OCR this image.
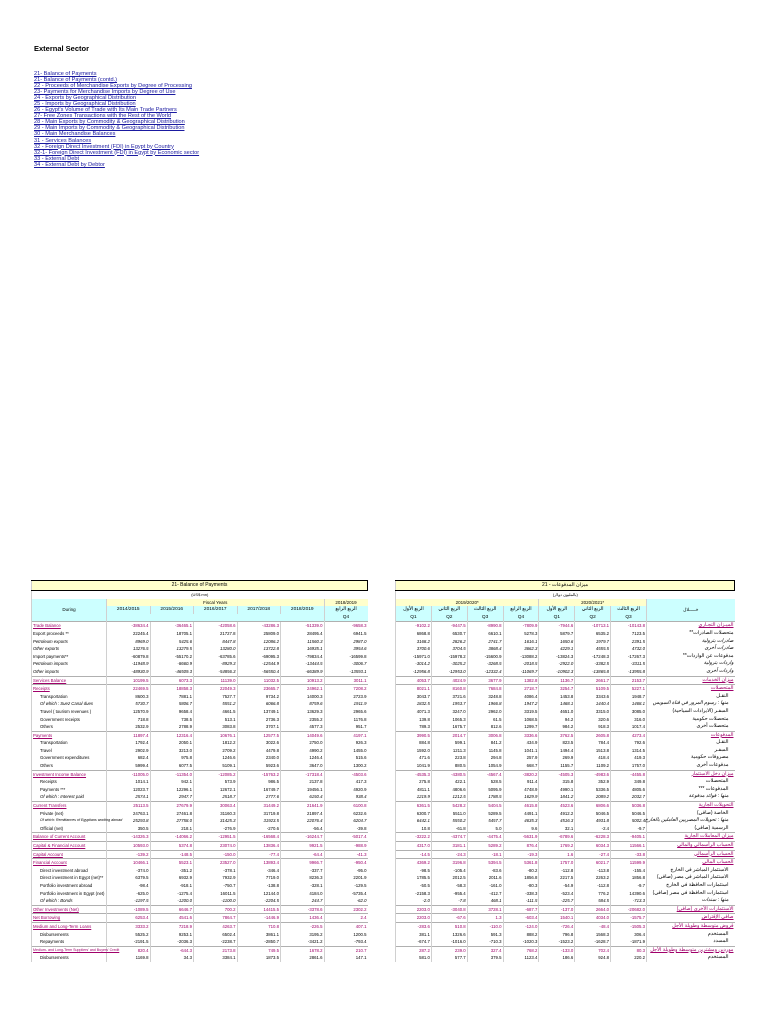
External Sector
21- Balance of Payments
21- Balance of Payments (contd.)
22 - Proceeds of Merchandise Exports by Degree of Processing
23- Payments for Merchandise Imports by Degree of Use
24 - Exports by Geographical Distribution
25 - Imports by Geographical Distribution
26 - Egypt's Volume of Trade with Its Main Trade Partners
27- Free Zones Transactions with the Rest of the World
28 - Main Exports by Commodity & Geographical Distribution
29 - Main Imports by Commodity & Geographical Distribution
30 - Main Merchandise Balances
31 - Services Balances
32 - Foreign Direct Investment (FDI) in Egypt by Country
32-1- Foreign Direct Investment (FDI) in Egypt by Economic sector
33 - External Debt
34 - External Debt by Debtor
21- Balance of Payments						
(US$ mn)						
During	Fiscal Years					2018/2019
	2014/2015	2015/2016	2016/2017	2017/2018	2018/2019	الربع الرابع
						Q4
Trade Balance	-38634.4	-36465.1	-42058.6	-43286.3	-51339.0	-9658.3
Export proceeds **	22245.4	18705.1	21727.8	25809.0	28495.4	6941.5
Petroleum exports	8969.0	5425.6	8447.8	12086.2	11560.3	2987.0
Other exports	13276.5	13279.5	13280.0	13722.8	16935.1	3954.6
Import payments**	-60879.8	-55170.2	-63785.6	-69095.3	-79834.4	-16599.8
Petroleum imports	-11948.9	-8660.9	-8929.3	-12544.9	-13444.5	-3006.7
Other imports	-48930.9	-46509.3	-54856.3	-56550.4	-66389.9	-13593.1
Services Balance	10199.5	6073.3	11139.0	11032.5	10913.2	3011.1
Receipts	22469.5	18858.3	22049.3	23665.7	24962.1	7208.2
Transportation	8600.3	7881.1	7527.7	9734.2	14000.3	2723.9
Of which : Suez Canal dues	5730.7	5806.7	5551.2	6066.8	8759.6	1911.9
Travel ( tourism revenues )	12570.9	9658.4	4661.5	13749.1	13629.3	2965.6
Government receipts	718.8	738.5	513.1	2736.3	2355.2	1176.8
Others	2532.9	2788.9	3083.8	3707.1	4577.3	951.7
Payments	11897.4	12316.4	10676.1	12577.5	14049.6	4197.1
Transportation	1792.4	2050.1	1812.2	3022.6	2750.0	926.3
Travel	2902.9	3213.0	2709.2	4479.8	4990.2	1455.0
Government expenditures	682.4	975.8	1246.6	2340.0	1246.4	515.6
Others	5999.4	6077.5	5109.1	5923.6	3647.0	1300.2
Investment Income Balance	-11005.0	-11354.0	-12085.2	-15763.2	-17318.4	-4503.6
Receipts	1014.1	942.1	573.9	986.5	2137.8	417.3
Payments ***	12023.7	12296.1	12672.1	16749.7	19456.1	4920.9
Of which : Interest paid	2574.1	2947.7	2518.7	2777.6	6150.4	938.4
Current Transfers	25113.5	27679.9	30063.4	31449.2	21641.9	6100.8
Private (net)	24763.1	27461.8	31160.3	31719.8	21897.4	6232.6
Of which: Remittances of Egyptians working abroad	25293.8	27758.0	31425.3	31923.5	22076.4	6204.7
Official (net)	350.5	218.1	-276.9	-270.6	-56.4	-39.8
Balance of Current Account	-14326.3	-14066.2	-12951.5	-16568.4	-16244.7	-5017.4
Capital & Financial Account	10593.0	5374.8	23074.0	13836.4	9921.5	-988.9
Capital Account	-139.2	-148.5	-150.0	-77.4	-64.4	-41.3
Financial Account	10466.1	5523.1	23527.0	13893.4	9966.7	-950.4
Direct investment abroad	-374.0	-351.2	-378.1	-346.4	-337.7	-95.0
Direct investment in Egypt (net)**	6379.5	6932.9	7932.9	7719.0	8236.3	2201.9
Portfolio investment abroad	-98.4	-918.1	-750.7	-138.8	-328.1	-129.5
Portfolio investment in Egypt (net)	-625.0	-1275.4	16011.5	12144.0	4184.0	-5735.4
Of which : Bonds	-1197.5	-1200.0	-1100.0	-2204.5	244.7	-62.0
Other Investments (Net)	-1089.5	6646.7	700.2	14415.5	-3378.6	2302.2
Net Borrowing	6253.4	4541.6	7864.7	-1446.9	1436.4	2.4
Medium and Long-Term Loans	3333.2	7218.9	4263.7	710.8	-226.5	407.1
Disbursements	5525.2	9253.1	6502.4	3861.1	3195.2	1200.5
Repayments	-2191.5	-2036.3	-2238.7	-2850.7	-3421.2	-793.4
Medium- and Long-Term Suppliers' and Buyers' Credit	820.4	-644.3	2173.8	749.5	1678.2	210.7
Disbursements	1169.8	34.3	3384.1	1873.5	2861.6	147.1
21 - ميزان المدفوعات							
(بالمليون دولار)							
2019/2020*				2020/2021*			خـــــلال
الربع الأول	الربع الثاني	الربع الثالث	الربع الرابع	الربع الأول	الربع الثاني	الربع الثالث	
Q1	Q2	Q3	Q4	Q1	Q2	Q3	
-9102.2	-9447.5	-8990.8	-7809.9	-7944.6	-10713.1	-10143.8	الميـزان التجـاري
6868.8	6530.7	6610.1	5278.3	5879.7	6535.2	7123.5	متحصلات الصادرات**
3168.2	2826.2	2741.7	1616.1	1650.6	1979.7	2391.5	صادرات بترولية
3700.6	3704.5	3868.4	3662.3	4229.1	4555.5	4732.0	صادرات أخرى
-15971.0	-15978.2	-15600.9	-13088.2	-13824.3	-17248.3	-17267.3	مدفوعات عن الواردات**
-3014.2	-3025.2	-3268.5	-2018.5	-2922.0	-3382.5	-3311.5	واردات بترولية
-12956.8	-12953.0	-12332.4	-11069.7	-10902.3	-13865.8	-13955.8	واردات أخرى
4053.7	4024.9	3677.9	1382.8	1136.7	2661.7	2153.7	ميزان الخدمات
8021.1	8160.8	7684.8	2718.7	3254.7	5109.5	5227.1	المتحصلات
3043.7	3721.6	3248.8	4086.4	1453.8	3343.6	1948.7	النقـل
1832.5	1953.7	1966.8	1947.2	1468.1	1440.4	1468.1	منها : رسوم المرور في قناة السويس
4071.3	3247.0	2962.0	3319.5	4651.0	3315.0	3085.0	السفـر (الايرادات السياحية)
139.8	1065.3	61.5	1068.5	94.2	320.6	316.0	متحصلات حكومية
789.3	1675.7	812.6	1299.7	984.2	918.3	1017.4	متحصلات أخرى
3990.5	2014.7	3006.8	3336.6	3762.5	2605.8	4273.4	المدفوعات
884.8	599.1	841.2	434.9	823.5	784.4	792.6	النقـل
1592.0	1211.3	1145.8	1041.1	1494.4	1513.8	1314.5	السفـر
471.6	223.8	294.8	257.9	269.9	418.4	419.3	مصروفات حكومية
1041.9	880.5	1054.9	668.7	1155.7	1109.2	1757.0	مدفوعات أخرى
-4535.3	-4380.5	-4567.4	-3820.2	-4505.3	-4983.6	-4455.8	ميزان دخل الاستثمار
275.8	422.1	528.5	911.4	315.8	352.9	349.8	المتحصلات
4811.1	4806.6	5095.9	4748.9	4990.1	5336.5	4805.6	المدفوعات ***
1219.9	1212.5	1788.5	1629.9	1841.2	2089.2	2032.7	منها : فوائد مدفوعة
6361.5	5428.2	5404.5	4615.8	4523.6	6806.6	5036.8	التحويلات الجارية
6300.7	5511.0	5289.5	4491.1	4912.2	5046.5	5046.5	الخاصة (صافي)
6442.1	5550.2	5457.7	4635.3	4516.3	4931.8	5002.4	منها : تحويلات المصريين العاملين بالخارج
10.8	-61.8	5.0	9.6	32.1	-2.4	-9.7	الرسمية (صافي)
-3222.2	-4374.7	-4475.4	-5631.9	-6789.6	-6228.3	-9405.1	ميزان المعاملات الجارية
4317.0	3181.1	5289.2	876.4	1769.2	6034.3	11566.1	الحساب الرأسمالي والمالي
-14.5	-24.3	-18.1	-19.3	1.6	-27.4	-33.8	الحساب الرأسمالي
4369.2	3196.8	5394.5	5361.8	1757.0	6021.7	11599.9	الحساب المالي
-98.5	-105.4	-83.6	-80.2	-112.8	-113.8	-155.4	الاستثمار المباشر في الخارج
1785.5	2012.5	2011.6	1856.8	2217.5	2263.2	1856.8	الاستثمار المباشر في مصر (صافي)
-50.5	-58.3	-161.0	-80.3	-54.9	-112.8	-9.7	استثمارات الحافظة في الخارج
-2158.3	-955.4	-412.7	-338.3	-523.4	776.2	14390.6	استثمارات الحافظة في مصر (صافي)
-2.0	-7.8	468.1	-111.5	-225.7	584.5	-713.3	منها : سندات
2203.0	-3040.8	3728.1	-687.7	-137.0	2664.0	-20682.0	الاستثمارات الأخرى (صافي)
2203.0	-67.6	1.3	-603.4	1540.1	4034.0	-1575.7	صافي الإقتراض
-283.6	510.8	-110.0	-124.0	-726.4	-48.4	-1505.3	قروض متوسطة وطويلة الأجل
381.1	1326.6	591.3	888.2	796.8	1568.3	306.4	المستخدم
-674.7	-1016.0	-710.3	-1020.3	-1523.2	-1628.7	-1871.9	المسدد
287.2	239.0	327.4	768.2	-133.0	702.4	80.3	موردين ومشترين متوسطة وطويلة الأجل
581.0	577.7	379.5	1123.4	186.6	924.8	220.2	المستخدم
